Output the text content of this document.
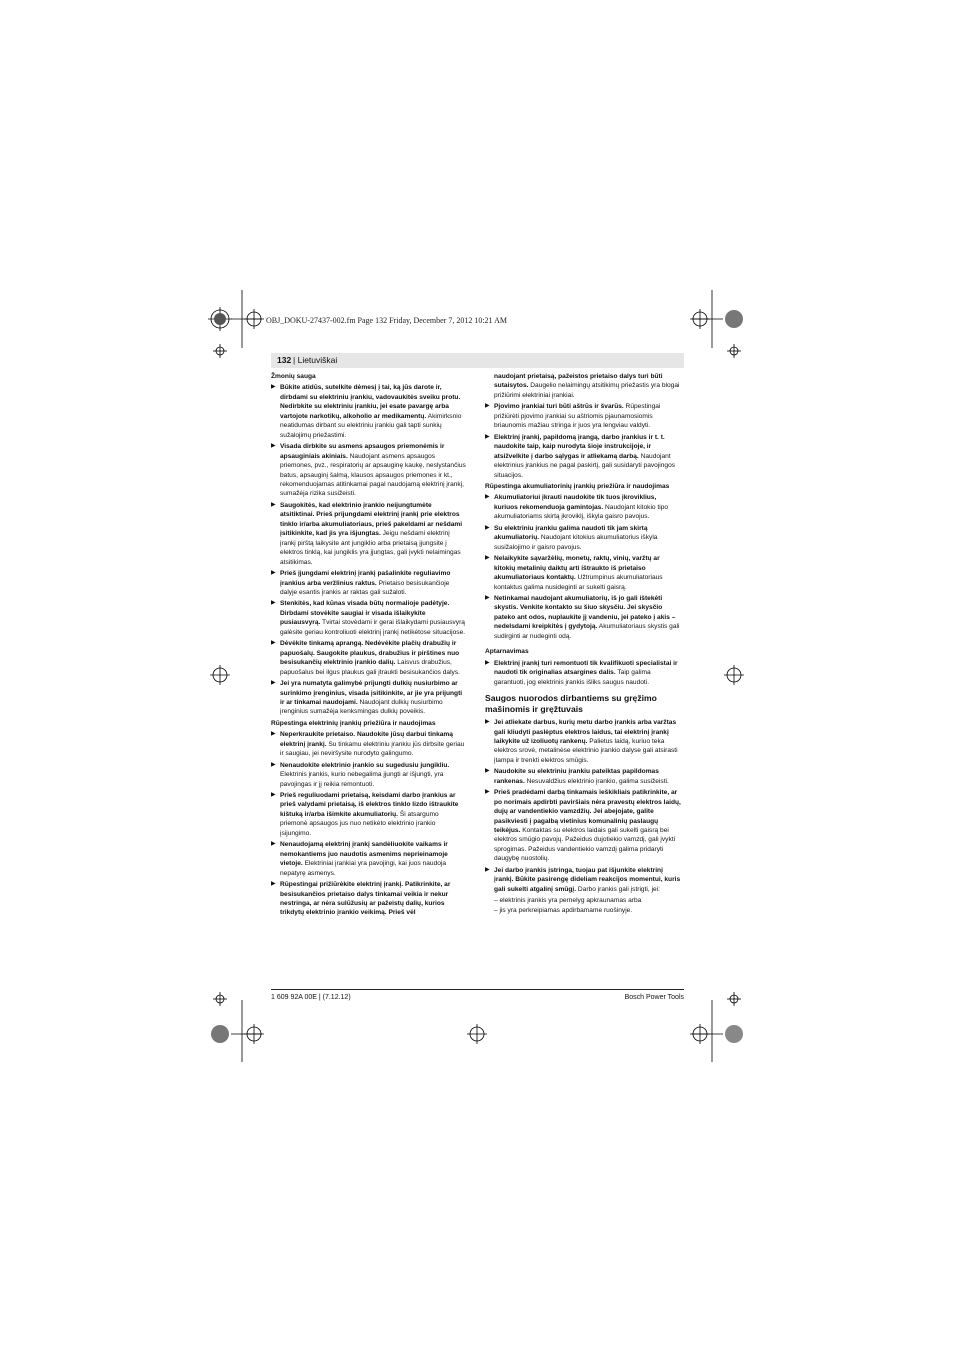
OBJ_DOKU-27437-002.fm Page 132 Friday, December 7, 2012 10:21 AM
132 | Lietuviškai
Žmonių sauga
▶ Būkite atidūs, sutelkite dėmesį į tai, ką jūs darote ir, dirbdami su elektriniu įrankiu, vadovaukitės sveiku protu. Nedirbkite su elektriniu įrankiu, jei esate pavargę arba vartojote narkotikų, alkoholio ar medikamentų. Akimirksnio neatidumas dirbant su elektriniu įrankiu gali tapti sunkių sužalojimų priežastimi.
▶ Visada dirbkite su asmens apsaugos priemonėmis ir apsauginiais akiniais. Naudojant asmens apsaugos priemones, pvz., respiratorių ar apsauginę kaukę, neslystančius batus, apsauginį šalmą, klausos apsaugos priemones ir kt., rekomenduojamas atitinkamai pagal naudojamą elektrinį įrankį, sumažėja rizika susižeisti.
▶ Saugokitės, kad elektrinio įrankio neijungtumėte atsitiktinai. Prieš prijungdami elektrinį įrankį prie elektros tinklo ir/arba akumuliatoriaus, prieš pakeldami ar nešdami įsitikinkite, kad jis yra išjungtas. Jeigu nešdami elektrinį įrankį pirštą laikysite ant jungiklio arba prietaisą įjungsite į elektros tinklą, kai jungiklis yra įjungtas, gali įvykti nelaimingas atsitikimas.
▶ Prieš įjungdami elektrinį įrankį pašalinkite reguliavimo įrankius arba veržlinius raktus. Prietaiso besisukančioje dalyje esantis įrankis ar raktas gali sužaloti.
▶ Stenkitės, kad kūnas visada būtų normalioje padėtyje. Dirbdami stovėkite saugiai ir visada išlaikykite pusiausvyrą. Tvirtai stovėdami ir gerai išlaikydami pusiausvyrą galėsite geriau kontroliuoti elektrinį įrankį netikėtose situacijose.
▶ Dėvėkite tinkamą aprangą. Nedėvėkite plačių drabužių ir papuošalų. Saugokite plaukus, drabužius ir pirštines nuo besisukančių elektrinio įrankio dalių. Laisvus drabužius, papuošalus bei ilgus plaukus gali įtraukti besisukančios dalys.
▶ Jei yra numatyta galimybė prijungti dulkių nusiurbimo ar surinkimo įrenginius, visada įsitikinkite, ar jie yra prijungti ir ar tinkamai naudojami. Naudojant dulkių nusiurbimo įrenginius sumažėja kenksmingas dulkių poveikis.
Rūpestinga elektrinių įrankių priežiūra ir naudojimas
▶ Neperkraukite prietaiso. Naudokite jūsų darbui tinkamą elektrinį įrankį. Su tinkamu elektriniu įrankiu jūs dirbsite geriau ir saugiau, jei neviršysite nurodyto galingumo.
▶ Nenaudokite elektrinio įrankio su sugedusiu jungikliu. Elektrinis įrankis, kurio nebegalima įjungti ar išjungti, yra pavojingas ir jį reikia remontuoti.
▶ Prieš reguliuodami prietaisą, keisdami darbo įrankius ar prieš valydami prietaisą, iš elektros tinklo lizdo ištraukite kištuką ir/arba išimkite akumuliatorių. Ši atsargumo priemonė apsaugos jus nuo netikėto elektrinio įrankio įsijungimo.
▶ Nenaudojamą elektrinį įrankį sandėliuokite vaikams ir nemokantiems juo naudotis asmenims neprieinamoje vietoje. Elektriniai įrankiai yra pavojingi, kai juos naudoja nepatyrę asmenys.
▶ Rūpestingai prižiūrėkite elektrinį įrankį. Patikrinkite, ar besisukančios prietaiso dalys tinkamai veikia ir nekur nestringa, ar nėra sulūžusių ar pažeistų dalių, kurios trikdytų elektrinio įrankio veikimą. Prieš vėl
naudojant prietaisą, pažeistos prietaiso dalys turi būti sutaisytos. Daugelio nelaimingų atsitikimų priežastis yra blogai prižiūrimi elektriniai įrankiai.
▶ Pjovimo įrankiai turi būti aštrūs ir švarūs. Rūpestingai prižiūrėti pjovimo įrankiai su aštriomis pjaunamosiomis briaunomis mažiau stringa ir juos yra lengviau valdyti.
▶ Elektrinį įrankį, papildomą įrangą, darbo įrankius ir t. t. naudokite taip, kaip nurodyta šioje instrukcijoje, ir atsižvelkite į darbo sąlygas ir atliekamą darbą. Naudojant elektrinius įrankius ne pagal paskirtį, gali susidaryti pavojingos situacijos.
Rūpestinga akumuliatorinių įrankių priežiūra ir naudojimas
▶ Akumuliatoriui įkrauti naudokite tik tuos įkroviklius, kuriuos rekomenduoja gamintojas. Naudojant kitokio tipo akumuliatoriams skirtą įkroviklį, iškyla gaisro pavojus.
▶ Su elektriniu įrankiu galima naudoti tik jam skirtą akumuliatorių. Naudojant kitokius akumuliatorius iškyla susižalojimo ir gaisro pavojus.
▶ Nelaikykite sąvaržėlių, monetų, raktų, vinių, varžtų ar kitokių metalinių daiktų arti ištraukto iš prietaiso akumuliatoriaus kontaktų. Užtrumpinus akumuliatoriaus kontaktus galima nusideginti ar sukelti gaisrą.
▶ Netinkamai naudojant akumuliatorių, iš jo gali ištekėti skystis. Venkite kontakto su šiuo skysčiu. Jei skysčio pateko ant odos, nuplaukite jį vandeniu, jei pateko į akis – nedelsdami kreipkitės į gydytoją. Akumuliatoriaus skystis gali sudirginti ar nudeginti odą.
Aptarnavimas
▶ Elektrinį įrankį turi remontuoti tik kvalifikuoti specialistai ir naudoti tik originalias atsargines dalis. Taip galima garantuoti, jog elektrinis įrankis išliks saugus naudoti.
Saugos nuorodos dirbantiems su gręžimo mašinomis ir gręžtuvais
▶ Jei atliekate darbus, kurių metu darbo įrankis arba varžtas gali kliudyti paslėptus elektros laidus, tai elektrinį įrankį laikykite už izoliuotų rankenų. Palietus laidą, kuriuo teka elektros srovė, metalinėse elektrinio įrankio dalyse gali atsirasti įtampa ir trenkti elektros smūgis.
▶ Naudokite su elektriniu įrankiu pateiktas papildomas rankenas. Nesuvaldžius elektrinio įrankio, galima susižeisti.
▶ Prieš pradėdami darbą tinkamais ieškikliais patikrinkite, ar po norimais apdirbti paviršiais nėra pravestų elektros laidų, dujų ar vandentiekio vamzdžių. Jei abejojate, galite pasikviesti į pagalbą vietinius komunalinių paslaugų teikėjus. Kontaktas su elektros laidais gali sukelti gaisrą bei elektros smūgio pavojų. Pažeidus dujotiekio vamzdį, gali įvykti sprogimas. Pažeidus vandentiekio vamzdį galima pridaryti daugybę nuostolių.
▶ Jei darbo įrankis įstringa, tuojau pat išjunkite elektrinį įrankį. Būkite pasirengę dideliam reakcijos momentui, kuris gali sukelti atgalinį smūgį. Darbo įrankis gali įstrigti, jei:
– elektrinis įrankis yra pernelyg apkraunamas arba
– jis yra perkreipiamas apdirbamame ruošinyje.
1 609 92A 00E | (7.12.12)	Bosch Power Tools
